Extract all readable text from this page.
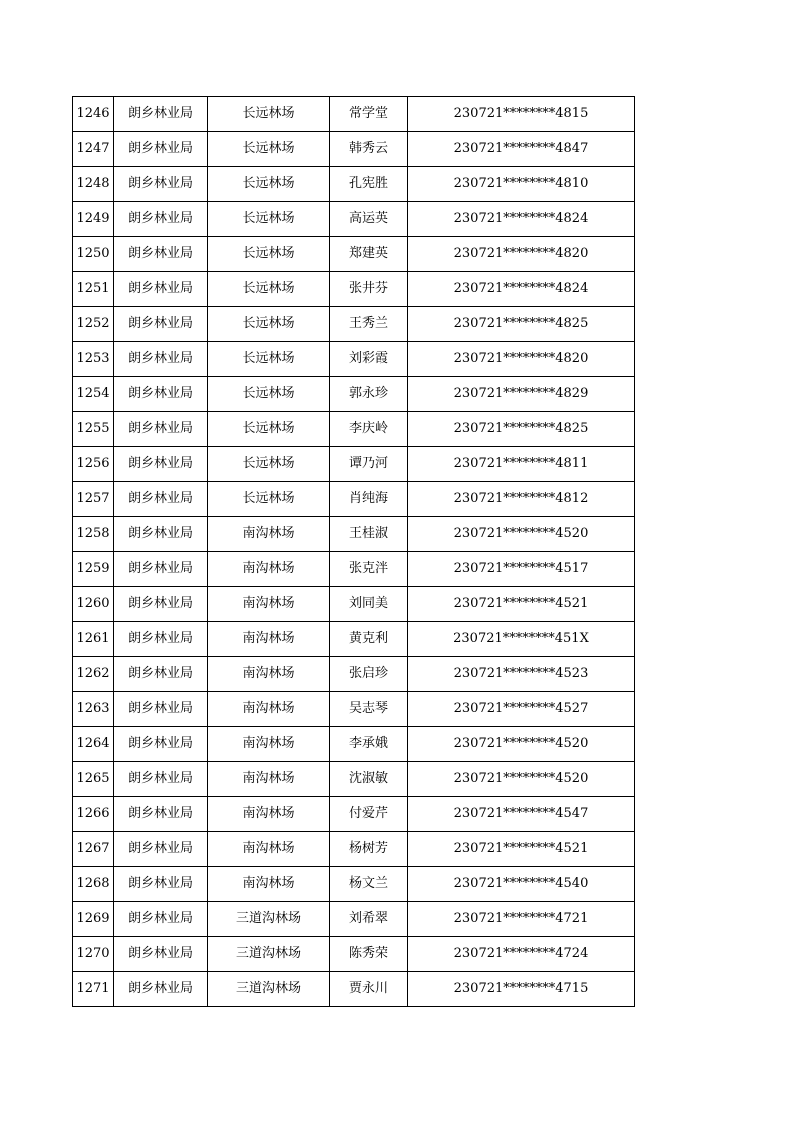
1246	朗乡林业局	长远林场	常学堂	230721********4815
1247	朗乡林业局	长远林场	韩秀云	230721********4847
1248	朗乡林业局	长远林场	孔宪胜	230721********4810
1249	朗乡林业局	长远林场	高运英	230721********4824
1250	朗乡林业局	长远林场	郑建英	230721********4820
1251	朗乡林业局	长远林场	张井芬	230721********4824
1252	朗乡林业局	长远林场	王秀兰	230721********4825
1253	朗乡林业局	长远林场	刘彩霞	230721********4820
1254	朗乡林业局	长远林场	郭永珍	230721********4829
1255	朗乡林业局	长远林场	李庆岭	230721********4825
1256	朗乡林业局	长远林场	谭乃河	230721********4811
1257	朗乡林业局	长远林场	肖纯海	230721********4812
1258	朗乡林业局	南沟林场	王桂淑	230721********4520
1259	朗乡林业局	南沟林场	张克泮	230721********4517
1260	朗乡林业局	南沟林场	刘同美	230721********4521
1261	朗乡林业局	南沟林场	黄克利	230721********451X
1262	朗乡林业局	南沟林场	张启珍	230721********4523
1263	朗乡林业局	南沟林场	吴志琴	230721********4527
1264	朗乡林业局	南沟林场	李承娥	230721********4520
1265	朗乡林业局	南沟林场	沈淑敏	230721********4520
1266	朗乡林业局	南沟林场	付爱芹	230721********4547
1267	朗乡林业局	南沟林场	杨树芳	230721********4521
1268	朗乡林业局	南沟林场	杨文兰	230721********4540
1269	朗乡林业局	三道沟林场	刘希翠	230721********4721
1270	朗乡林业局	三道沟林场	陈秀荣	230721********4724
1271	朗乡林业局	三道沟林场	贾永川	230721********4715
